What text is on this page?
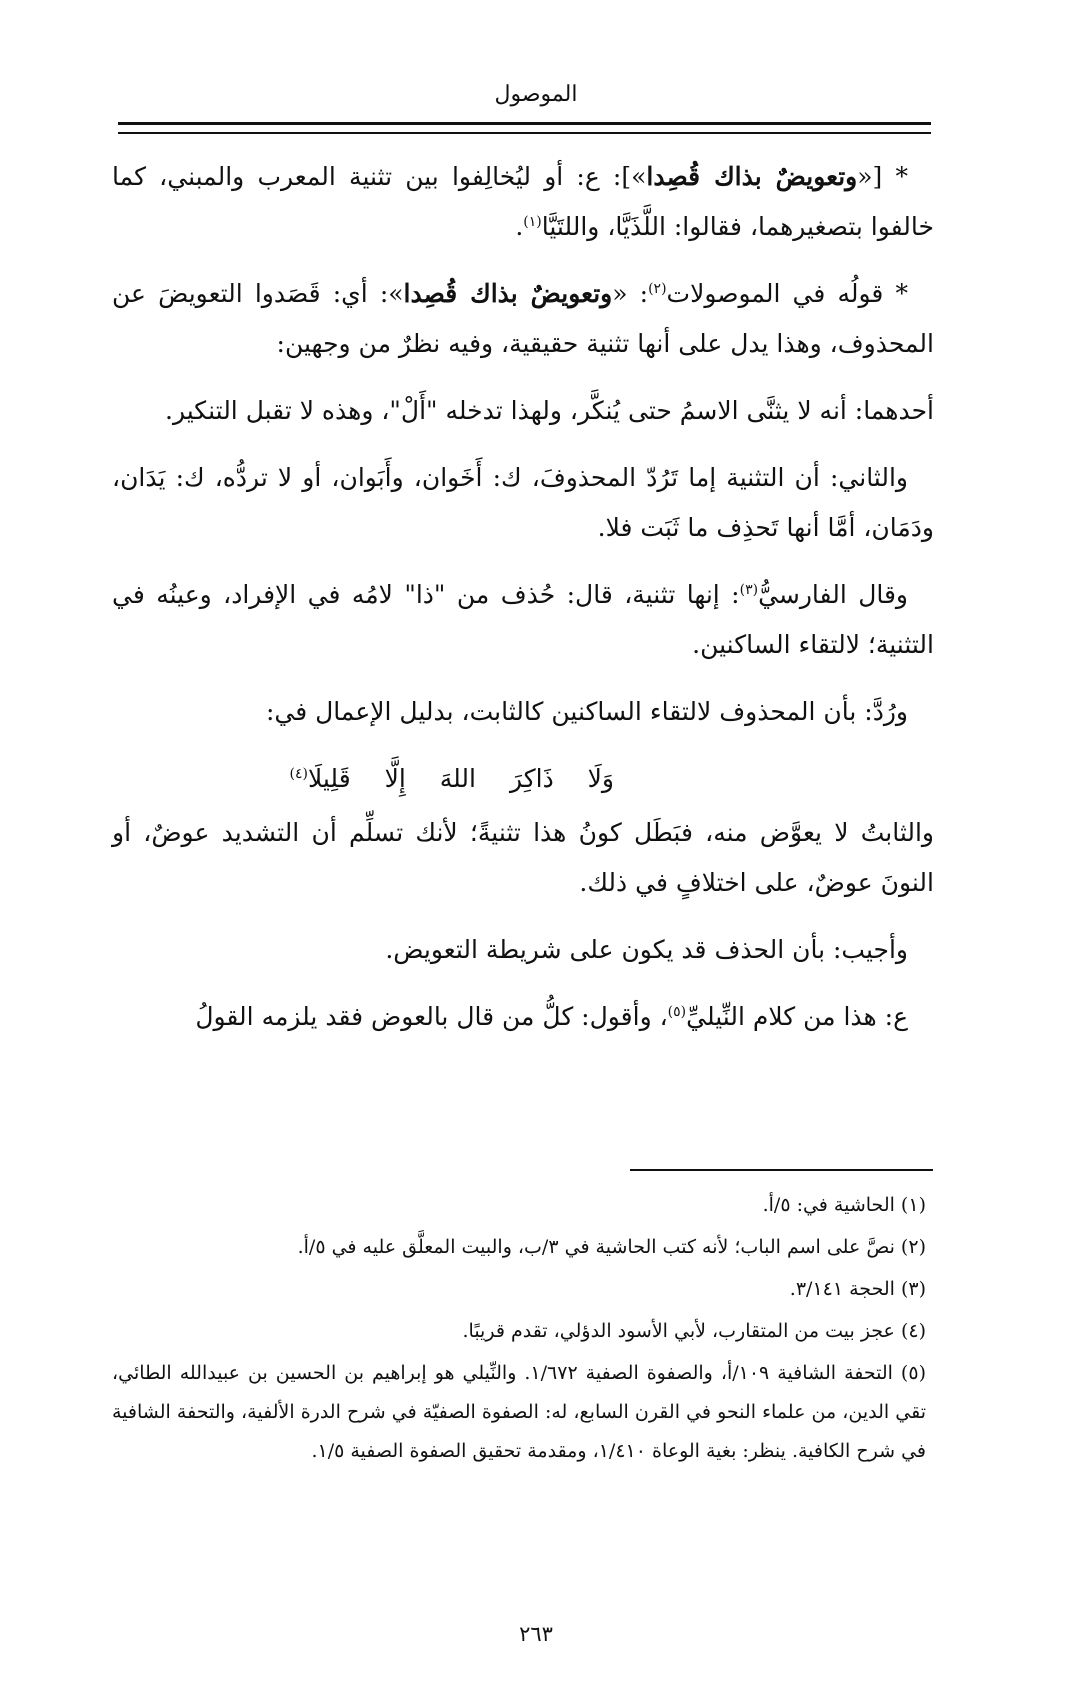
الموصول

* [«وتعويضٌ بذاك قُصِدا»]: ع: أو ليُخالِفوا بين تثنية المعرب والمبني، كما خالفوا بتصغيرهما، فقالوا: اللَّذَيَّا، واللتَيَّا$^{(١)}$.

* قولُه في الموصولات$^{(٢)}$: «وتعويضٌ بذاك قُصِدا»: أي: قَصَدوا التعويضَ عن المحذوف، وهذا يدل على أنها تثنية حقيقية، وفيه نظرٌ من وجهين:

أحدهما: أنه لا يثنَّى الاسمُ حتى يُنكَّر، ولهذا تدخله "أَلْ"، وهذه لا تقبل التنكير.

والثاني: أن التثنية إما تَرُدّ المحذوفَ، ك: أَخَوان، وأَبَوان، أو لا تردُّه، ك: يَدَان، ودَمَان، أمَّا أنها تَحذِف ما ثَبَت فلا.

وقال الفارسيُّ$^{(٣)}$: إنها تثنية، قال: حُذف من "ذا" لامُه في الإفراد، وعينُه في التثنية؛ لالتقاء الساكنين.

ورُدَّ: بأن المحذوف لالتقاء الساكنين كالثابت، بدليل الإعمال في:

وَلَا ذَاكِرَ اللهَ إِلَّا قَلِيلَا$^{(٤)}$

والثابتُ لا يعوَّض منه، فبَطَل كونُ هذا تثنيةً؛ لأنك تسلِّم أن التشديد عوضٌ، أو النونَ عوضٌ، على اختلافٍ في ذلك.

وأجيب: بأن الحذف قد يكون على شريطة التعويض.

ع: هذا من كلام النِّيليِّ$^{(٥)}$، وأقول: كلُّ من قال بالعوض فقد يلزمه القولُ

(١) الحاشية في: ٥/أ.

(٢) نصَّ على اسم الباب؛ لأنه كتب الحاشية في ٣/ب، والبيت المعلَّق عليه في ٥/أ.

(٣) الحجة ٣/١٤١.

(٤) عجز بيت من المتقارب، لأبي الأسود الدؤلي، تقدم قريبًا.

(٥) التحفة الشافية ١٠٩/أ، والصفوة الصفية ١/٦٧٢. والنِّيلي هو إبراهيم بن الحسين بن عبيدالله الطائي، تقي الدين، من علماء النحو في القرن السابع، له: الصفوة الصفيّة في شرح الدرة الألفية، والتحفة الشافية في شرح الكافية. ينظر: بغية الوعاة ١/٤١٠، ومقدمة تحقيق الصفوة الصفية ١/٥.

٢٦٣
